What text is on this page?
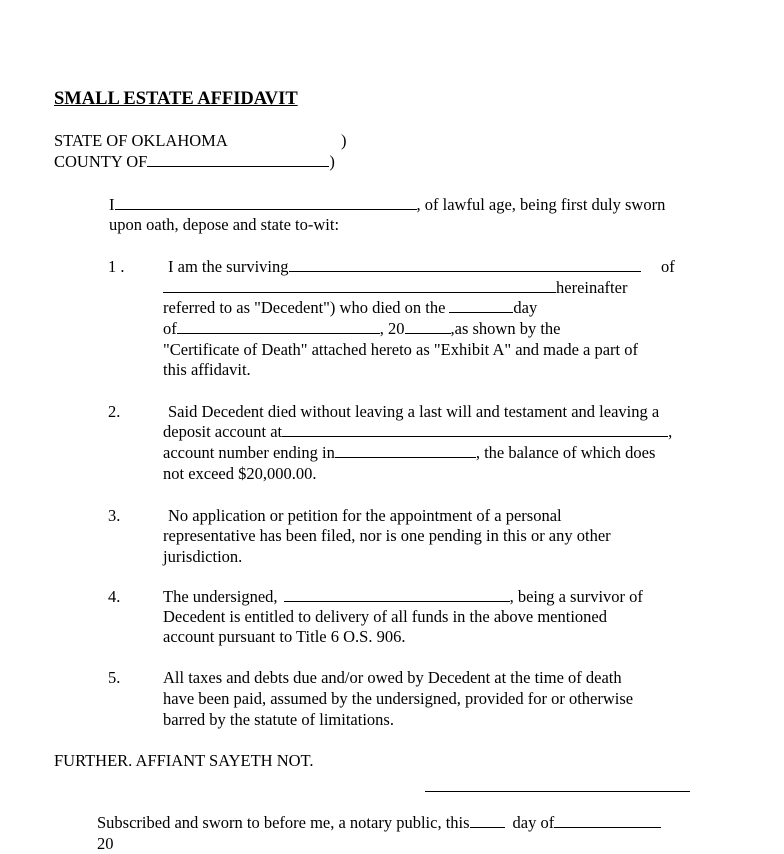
SMALL ESTATE AFFIDAVIT
STATE OF OKLAHOMA	)
COUNTY OF	)
I	, of lawful age, being first duly sworn
upon oath, depose and state to-wit:
1 .	I am the surviving	of
hereinafter
referred to as "Decedent") who died on the	day
of	, 20	,as shown by the
"Certificate of Death" attached hereto as "Exhibit A" and made a part of
this affidavit.
2.	Said Decedent died without leaving a last will and testament and leaving a
deposit account at	,
account number ending in	, the balance of which does
not exceed $20,000.00.
3.	No application or petition for the appointment of a personal
representative has been filed, nor is one pending in this or any other
jurisdiction.
4.	The undersigned,	, being a survivor of
Decedent is entitled to delivery of all funds in the above mentioned
account pursuant to Title 6 O.S. 906.
5.	All taxes and debts due and/or owed by Decedent at the time of death
have been paid, assumed by the undersigned, provided for or otherwise
barred by the statute of limitations.
FURTHER. AFFIANT SAYETH NOT.
Subscribed and sworn to before me, a notary public, this	day of
20
